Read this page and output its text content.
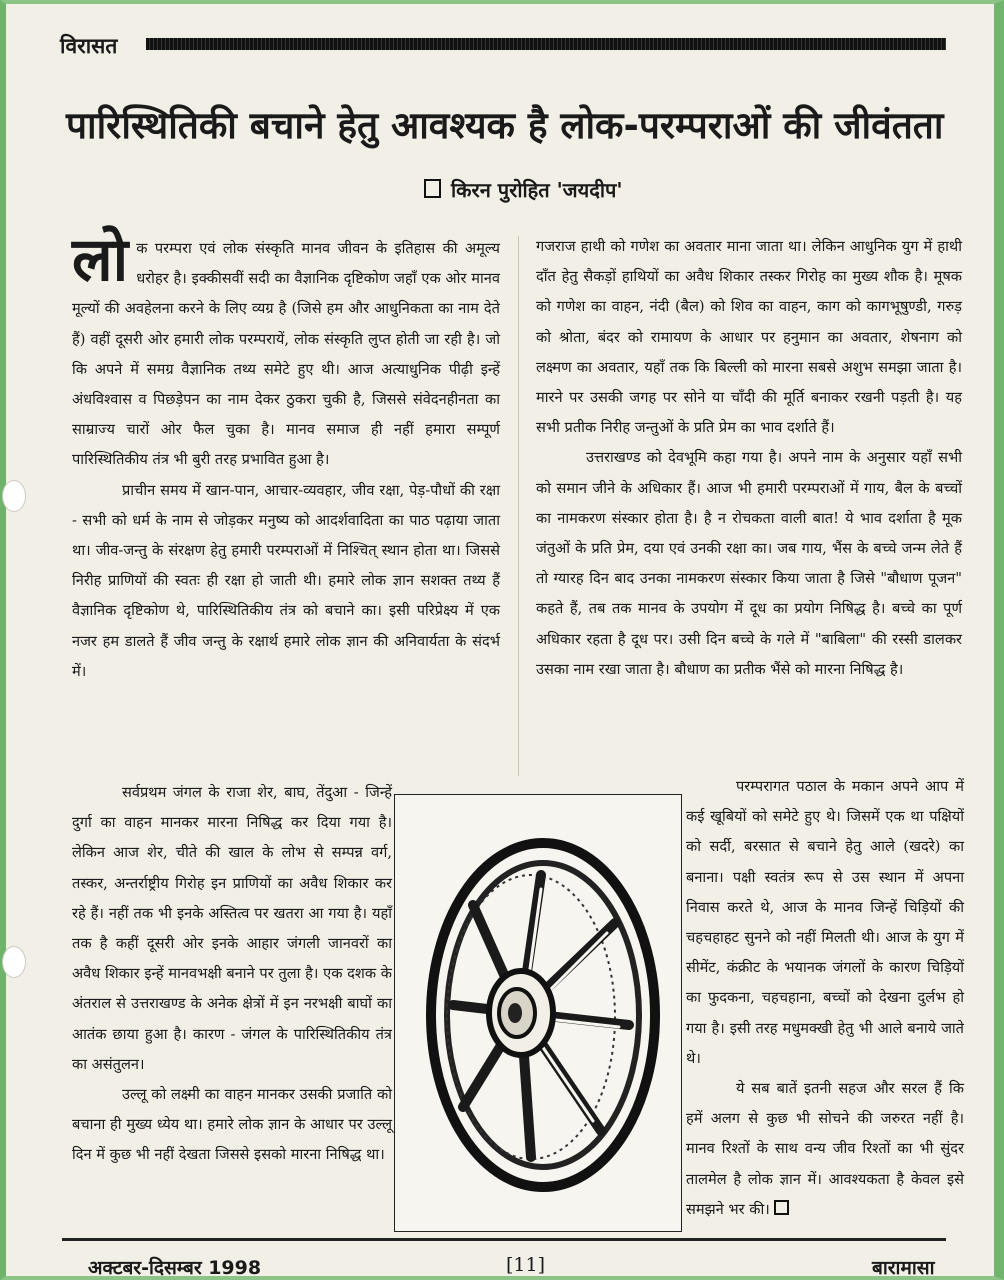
विरासत
पारिस्थितिकी बचाने हेतु आवश्यक है लोक-परम्पराओं की जीवंतता
किरन पुरोहित 'जयदीप'
लो क परम्परा एवं लोक संस्कृति मानव जीवन के इतिहास की अमूल्य धरोहर है। इक्कीसवीं सदी का वैज्ञानिक दृष्टिकोण जहाँ एक ओर मानव मूल्यों की अवहेलना करने के लिए व्यग्र है (जिसे हम और आधुनिकता का नाम देते हैं) वहीं दूसरी ओर हमारी लोक परम्परायें, लोक संस्कृति लुप्त होती जा रही है। जो कि अपने में समग्र वैज्ञानिक तथ्य समेटे हुए थी। आज अत्याधुनिक पीढ़ी इन्हें अंधविश्वास व पिछड़ेपन का नाम देकर ठुकरा चुकी है, जिससे संवेदनहीनता का साम्राज्य चारों ओर फैल चुका है। मानव समाज ही नहीं हमारा सम्पूर्ण पारिस्थितिकीय तंत्र भी बुरी तरह प्रभावित हुआ है।

प्राचीन समय में खान-पान, आचार-व्यवहार, जीव रक्षा, पेड़-पौधों की रक्षा - सभी को धर्म के नाम से जोड़कर मनुष्य को आदर्शवादिता का पाठ पढ़ाया जाता था। जीव-जन्तु के संरक्षण हेतु हमारी परम्पराओं में निश्चित् स्थान होता था। जिससे निरीह प्राणियों की स्वतः ही रक्षा हो जाती थी। हमारे लोक ज्ञान सशक्त तथ्य हैं वैज्ञानिक दृष्टिकोण थे, पारिस्थितिकीय तंत्र को बचाने का। इसी परिप्रेक्ष्य में एक नजर हम डालते हैं जीव जन्तु के रक्षार्थ हमारे लोक ज्ञान की अनिवार्यता के संदर्भ में।

गजराज हाथी को गणेश का अवतार माना जाता था। लेकिन आधुनिक युग में हाथी दाँत हेतु सैकड़ों हाथियों का अवैध शिकार तस्कर गिरोह का मुख्य शौक है। मूषक को गणेश का वाहन, नंदी (बैल) को शिव का वाहन, काग को कागभूषुण्डी, गरुड़ को श्रोता, बंदर को रामायण के आधार पर हनुमान का अवतार, शेषनाग को लक्ष्मण का अवतार, यहाँ तक कि बिल्ली को मारना सबसे अशुभ समझा जाता है। मारने पर उसकी जगह पर सोने या चाँदी की मूर्ति बनाकर रखनी पड़ती है। यह सभी प्रतीक निरीह जन्तुओं के प्रति प्रेम का भाव दर्शाते हैं।

उत्तराखण्ड को देवभूमि कहा गया है। अपने नाम के अनुसार यहाँ सभी को समान जीने के अधिकार हैं। आज भी हमारी परम्पराओं में गाय, बैल के बच्चों का नामकरण संस्कार होता है। है न रोचकता वाली बात! ये भाव दर्शाता है मूक जंतुओं के प्रति प्रेम, दया एवं उनकी रक्षा का। जब गाय, भैंस के बच्चे जन्म लेते हैं तो ग्यारह दिन बाद उनका नामकरण संस्कार किया जाता है जिसे "बौधाण पूजन" कहते हैं, तब तक मानव के उपयोग में दूध का प्रयोग निषिद्ध है। बच्चे का पूर्ण अधिकार रहता है दूध पर। उसी दिन बच्चे के गले में "बाबिला" की रस्सी डालकर उसका नाम रखा जाता है। बौधाण का प्रतीक भैंसे को मारना निषिद्ध है।

सर्वप्रथम जंगल के राजा शेर, बाघ, तेंदुआ - जिन्हें दुर्गा का वाहन मानकर मारना निषिद्ध कर दिया गया है। लेकिन आज शेर, चीते की खाल के लोभ से सम्पन्न वर्ग, तस्कर, अन्तर्राष्ट्रीय गिरोह इन प्राणियों का अवैध शिकार कर रहे हैं। नहीं तक भी इनके अस्तित्व पर खतरा आ गया है। यहाँ तक है कहीं दूसरी ओर इनके आहार जंगली जानवरों का अवैध शिकार इन्हें मानवभक्षी बनाने पर तुला है। एक दशक के अंतराल से उत्तराखण्ड के अनेक क्षेत्रों में इन नरभक्षी बाघों का आतंक छाया हुआ है। कारण - जंगल के पारिस्थितिकीय तंत्र का असंतुलन।

उल्लू को लक्ष्मी का वाहन मानकर उसकी प्रजाति को बचाना ही मुख्य ध्येय था। हमारे लोक ज्ञान के आधार पर उल्लू दिन में कुछ भी नहीं देखता जिससे इसको मारना निषिद्ध था।

परम्परागत पठाल के मकान अपने आप में कई खूबियों को समेटे हुए थे। जिसमें एक था पक्षियों को सर्दी, बरसात से बचाने हेतु आले (खदरे) का बनाना। पक्षी स्वतंत्र रूप से उस स्थान में अपना निवास करते थे, आज के मानव जिन्हें चिड़ियों की चहचहाहट सुनने को नहीं मिलती थी। आज के युग में सीमेंट, कंक्रीट के भयानक जंगलों के कारण चिड़ियों का फुदकना, चहचहाना, बच्चों को देखना दुर्लभ हो गया है। इसी तरह मधुमक्खी हेतु भी आले बनाये जाते थे।

ये सब बातें इतनी सहज और सरल हैं कि हमें अलग से कुछ भी सोचने की जरुरत नहीं है। मानव रिश्तों के साथ वन्य जीव रिश्तों का भी सुंदर तालमेल है लोक ज्ञान में। आवश्यकता है केवल इसे समझने भर की।

अक्टबर-दिसम्बर 1998	[11]	बारामासा
